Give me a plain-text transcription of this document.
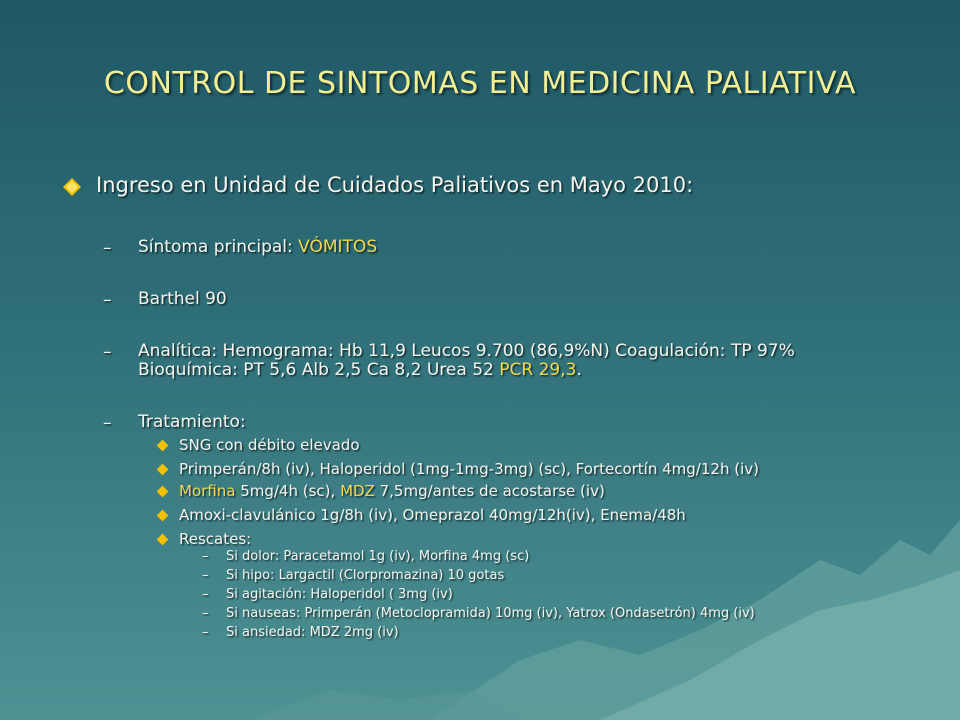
CONTROL DE SINTOMAS EN MEDICINA PALIATIVA
Ingreso en Unidad de Cuidados Paliativos en Mayo 2010:
– Síntoma principal: VÓMITOS
– Barthel 90
– Analítica: Hemograma: Hb 11,9 Leucos 9.700 (86,9%N) Coagulación: TP 97%
Bioquímica: PT 5,6 Alb 2,5 Ca 8,2 Urea 52 PCR 29,3.
– Tratamiento:
SNG con débito elevado
Primperán/8h (iv), Haloperidol (1mg-1mg-3mg) (sc), Fortecortín 4mg/12h (iv)
Morfina 5mg/4h (sc), MDZ 7,5mg/antes de acostarse (iv)
Amoxi-clavulánico 1g/8h (iv), Omeprazol 40mg/12h(iv), Enema/48h
Rescates:
– Si dolor: Paracetamol 1g (iv), Morfina 4mg (sc)
– Si hipo: Largactil (Clorpromazina) 10 gotas
– Si agitación: Haloperidol ( 3mg (iv)
– Si nauseas: Primperán (Metoclopramida) 10mg (iv), Yatrox (Ondasetrón) 4mg (iv)
– Si ansiedad: MDZ 2mg (iv)
